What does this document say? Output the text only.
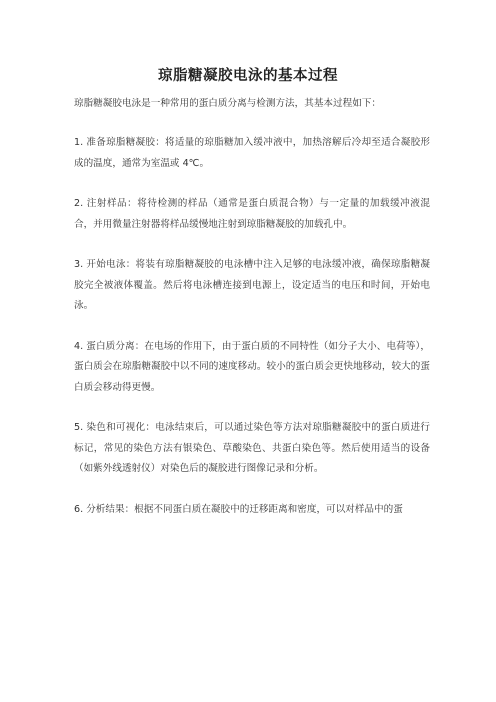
琼脂糖凝胶电泳的基本过程

琼脂糖凝胶电泳是一种常用的蛋白质分离与检测方法，其基本过程如下：

1. 准备琼脂糖凝胶：将适量的琼脂糖加入缓冲液中，加热溶解后冷却至适合凝胶形成的温度，通常为室温或 4℃。

2. 注射样品：将待检测的样品（通常是蛋白质混合物）与一定量的加载缓冲液混合，并用微量注射器将样品缓慢地注射到琼脂糖凝胶的加载孔中。

3. 开始电泳：将装有琼脂糖凝胶的电泳槽中注入足够的电泳缓冲液，确保琼脂糖凝胶完全被液体覆盖。然后将电泳槽连接到电源上，设定适当的电压和时间，开始电泳。

4. 蛋白质分离：在电场的作用下，由于蛋白质的不同特性（如分子大小、电荷等），蛋白质会在琼脂糖凝胶中以不同的速度移动。较小的蛋白质会更快地移动，较大的蛋白质会移动得更慢。

5. 染色和可视化：电泳结束后，可以通过染色等方法对琼脂糖凝胶中的蛋白质进行标记，常见的染色方法有银染色、草酸染色、共蛋白染色等。然后使用适当的设备（如紫外线透射仪）对染色后的凝胶进行图像记录和分析。

6. 分析结果：根据不同蛋白质在凝胶中的迁移距离和密度，可以对样品中的蛋
